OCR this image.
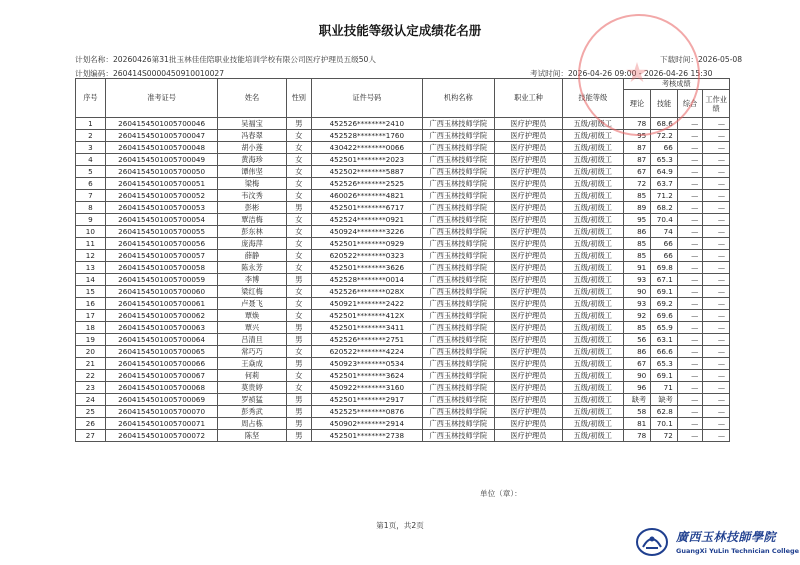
职业技能等级认定成绩花名册
计划名称：20260426第31批玉林佳佳陪职业技能培训学校有限公司医疗护理员五级50人	下载时间：2026-05-08
计划编码：260414S0000450910010027	考试时间：2026-04-26 09:00 - 2026-04-26 15:30
序号	准考证号	姓名	性别	证件号码	机构名称	职业工种	技能等级	考核成绩			
								理论	技能	综合	工作业绩
1	260415450100570004​6	吴福宝	男	452526********2410	广西玉林技师学院	医疗护理员	五级/初级工	78	68.6	—	—
2	2604154501005700047	冯春翠	女	452528********1760	广西玉林技师学院	医疗护理员	五级/初级工	95	72.2	—	—
3	2604154501005700048	胡小莲	女	430422********0066	广西玉林技师学院	医疗护理员	五级/初级工	87	66	—	—
4	2604154501005700049	黄海珍	女	452501********2023	广西玉林技师学院	医疗护理员	五级/初级工	87	65.3	—	—
5	2604154501005700050	谭伟坚	女	452502********5887	广西玉林技师学院	医疗护理员	五级/初级工	67	64.9	—	—
6	2604154501005700051	梁梅	女	452526********2525	广西玉林技师学院	医疗护理员	五级/初级工	72	63.7	—	—
7	2604154501005700052	韦汶秀	女	460026********4821	广西玉林技师学院	医疗护理员	五级/初级工	85	71.2	—	—
8	2604154501005700053	彭彬	男	452501********6717	广西玉林技师学院	医疗护理员	五级/初级工	89	68.2	—	—
9	2604154501005700054	覃洁梅	女	452524********0921	广西玉林技师学院	医疗护理员	五级/初级工	95	70.4	—	—
10	2604154501005700055	彭东林	女	450924********3226	广西玉林技师学院	医疗护理员	五级/初级工	86	74	—	—
11	2604154501005700056	庞海萍	女	452501********0929	广西玉林技师学院	医疗护理员	五级/初级工	85	66	—	—
12	2604154501005700057	薛静	女	620522********0323	广西玉林技师学院	医疗护理员	五级/初级工	85	66	—	—
13	2604154501005700058	陈永芳	女	452501********3626	广西玉林技师学院	医疗护理员	五级/初级工	91	69.8	—	—
14	2604154501005700059	李博	男	452528********0014	广西玉林技师学院	医疗护理员	五级/初级工	93	67.1	—	—
15	2604154501005700060	梁红梅	女	452526********028X	广西玉林技师学院	医疗护理员	五级/初级工	90	69.1	—	—
16	2604154501005700061	卢聂飞	女	450921********2422	广西玉林技师学院	医疗护理员	五级/初级工	93	69.2	—	—
17	2604154501005700062	覃焕	女	452501********412X	广西玉林技师学院	医疗护理员	五级/初级工	92	69.6	—	—
18	2604154501005700063	覃兴	男	452501********3411	广西玉林技师学院	医疗护理员	五级/初级工	85	65.9	—	—
19	2604154501005700064	吕清旦	男	452526********2751	广西玉林技师学院	医疗护理员	五级/初级工	56	63.1	—	—
20	2604154501005700065	常巧巧	女	620522********4224	广西玉林技师学院	医疗护理员	五级/初级工	86	66.6	—	—
21	2604154501005700066	王焱成	男	450923********0534	广西玉林技师学院	医疗护理员	五级/初级工	67	65.3	—	—
22	2604154501005700067	何莉	女	452501********3624	广西玉林技师学院	医疗护理员	五级/初级工	90	69.1	—	—
23	2604154501005700068	莫贵婷	女	450922********3160	广西玉林技师学院	医疗护理员	五级/初级工	96	71	—	—
24	2604154501005700069	罗祯猛	男	452501********2917	广西玉林技师学院	医疗护理员	五级/初级工	缺考	缺考	—	—
25	2604154501005700070	彭秀武	男	452525********0876	广西玉林技师学院	医疗护理员	五级/初级工	58	62.8	—	—
26	2604154501005700071	周占栋	男	450902********2914	广西玉林技师学院	医疗护理员	五级/初级工	81	70.1	—	—
27	2604154501005700072	陈坚	男	452501********2738	广西玉林技师学院	医疗护理员	五级/初级工	78	72	—	—
单位（章）：
第1页，共2页
廣西玉林技師學院
GuangXi YuLin Technician College
